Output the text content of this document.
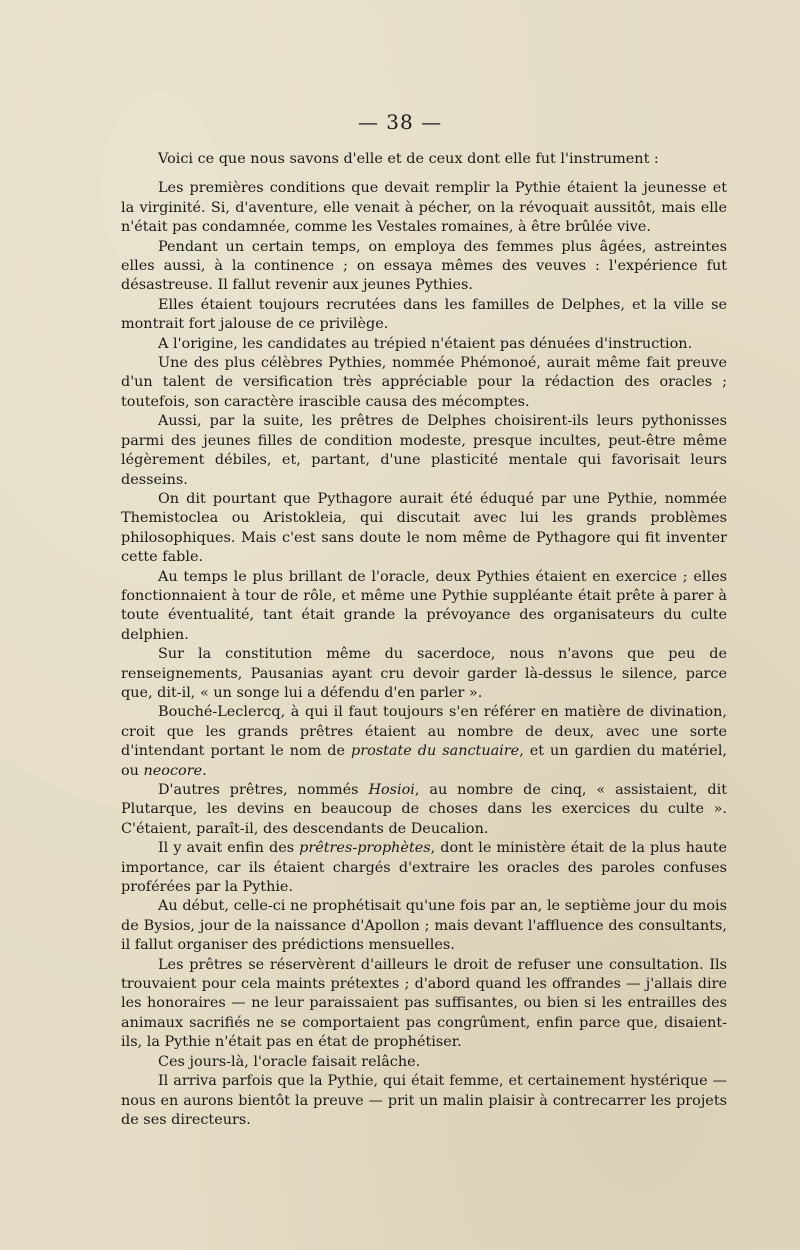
— 38 —

Voici ce que nous savons d'elle et de ceux dont elle fut l'instrument :

Les premières conditions que devait remplir la Pythie étaient la jeunesse et la virginité. Si, d'aventure, elle venait à pécher, on la révoquait aussitôt, mais elle n'était pas condamnée, comme les Vestales romaines, à être brûlée vive.

Pendant un certain temps, on employa des femmes plus âgées, astreintes elles aussi, à la continence ; on essaya mêmes des veuves : l'expérience fut désastreuse. Il fallut revenir aux jeunes Pythies.

Elles étaient toujours recrutées dans les familles de Delphes, et la ville se montrait fort jalouse de ce privilège.

A l'origine, les candidates au trépied n'étaient pas dénuées d'instruction.

Une des plus célèbres Pythies, nommée Phémonoé, aurait même fait preuve d'un talent de versification très appréciable pour la rédaction des oracles ; toutefois, son caractère irascible causa des mécomptes.

Aussi, par la suite, les prêtres de Delphes choisirent-ils leurs pythonisses parmi des jeunes filles de condition modeste, presque incultes, peut-être même légèrement débiles, et, partant, d'une plasticité mentale qui favorisait leurs desseins.

On dit pourtant que Pythagore aurait été éduqué par une Pythie, nommée Themistoclea ou Aristokleia, qui discutait avec lui les grands problèmes philosophiques. Mais c'est sans doute le nom même de Pythagore qui fit inventer cette fable.

Au temps le plus brillant de l'oracle, deux Pythies étaient en exercice ; elles fonctionnaient à tour de rôle, et même une Pythie suppléante était prête à parer à toute éventualité, tant était grande la prévoyance des organisateurs du culte delphien.

Sur la constitution même du sacerdoce, nous n'avons que peu de renseignements, Pausanias ayant cru devoir garder là-dessus le silence, parce que, dit-il, « un songe lui a défendu d'en parler ».

Bouché-Leclercq, à qui il faut toujours s'en référer en matière de divination, croit que les grands prêtres étaient au nombre de deux, avec une sorte d'intendant portant le nom de prostate du sanctuaire, et un gardien du matériel, ou neocore.

D'autres prêtres, nommés Hosioi, au nombre de cinq, « assistaient, dit Plutarque, les devins en beaucoup de choses dans les exercices du culte ». C'étaient, paraît-il, des descendants de Deucalion.

Il y avait enfin des prêtres-prophètes, dont le ministère était de la plus haute importance, car ils étaient chargés d'extraire les oracles des paroles confuses proférées par la Pythie.

Au début, celle-ci ne prophétisait qu'une fois par an, le septième jour du mois de Bysios, jour de la naissance d'Apollon ; mais devant l'affluence des consultants, il fallut organiser des prédictions mensuelles.

Les prêtres se réservèrent d'ailleurs le droit de refuser une consultation. Ils trouvaient pour cela maints prétextes ; d'abord quand les offrandes — j'allais dire les honoraires — ne leur paraissaient pas suffisantes, ou bien si les entrailles des animaux sacrifiés ne se comportaient pas congrûment, enfin parce que, disaient-ils, la Pythie n'était pas en état de prophétiser.

Ces jours-là, l'oracle faisait relâche.

Il arriva parfois que la Pythie, qui était femme, et certainement hystérique — nous en aurons bientôt la preuve — prit un malin plaisir à contrecarrer les projets de ses directeurs.
